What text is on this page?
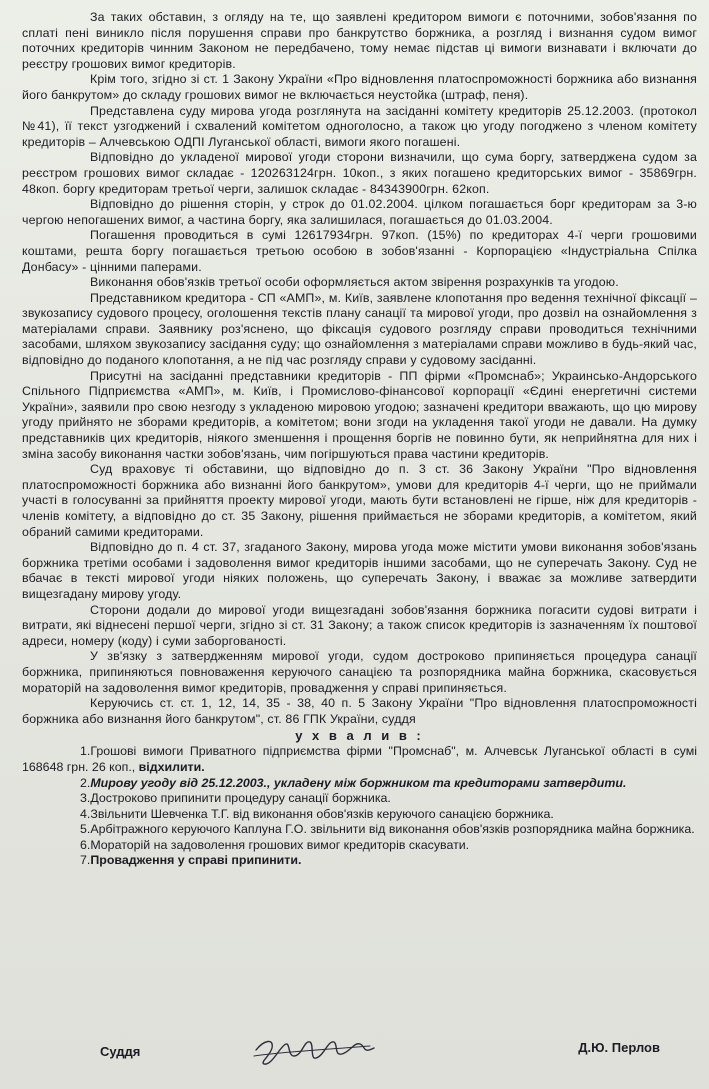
За таких обставин, з огляду на те, що заявлені кредитором вимоги є поточними, зобов'язання по сплаті пені виникло після порушення справи про банкрутство боржника, а розгляд і визнання судом вимог поточних кредиторів чинним Законом не передбачено, тому немає підстав ці вимоги визнавати і включати до реєстру грошових вимог кредиторів.

Крім того, згідно зі ст. 1 Закону України «Про відновлення платоспроможності боржника або визнання його банкрутом» до складу грошових вимог не включається неустойка (штраф, пеня).

Представлена суду мирова угода розглянута на засіданні комітету кредиторів 25.12.2003. (протокол №41), її текст узгоджений і схвалений комітетом одноголосно, а також цю угоду погоджено з членом комітету кредиторів – Алчевською ОДПІ Луганської області, вимоги якого погашені.

Відповідно до укладеної мирової угоди сторони визначили, що сума боргу, затверджена судом за реєстром грошових вимог складає - 120263124грн. 10коп., з яких погашено кредиторських вимог - 35869грн. 48коп. боргу кредиторам третьої черги, залишок складає - 84343900грн. 62коп.

Відповідно до рішення сторін, у строк до 01.02.2004. цілком погашається борг кредиторам за 3-ю чергою непогашених вимог, а частина боргу, яка залишилася, погашається до 01.03.2004.

Погашення проводиться в сумі 12617934грн. 97коп. (15%) по кредиторах 4-ї черги грошовими коштами, решта боргу погашається третьою особою в зобов'язанні - Корпорацією «Індустріальна Спілка Донбасу» - цінними паперами.

Виконання обов'язків третьої особи оформляється актом звірення розрахунків та угодою.

Представником кредитора - СП «АМП», м. Київ, заявлене клопотання про ведення технічної фіксації – звукозапису судового процесу, оголошення текстів плану санації та мирової угоди, про дозвіл на ознайомлення з матеріалами справи. Заявнику роз'яснено, що фіксація судового розгляду справи проводиться технічними засобами, шляхом звукозапису засідання суду; що ознайомлення з матеріалами справи можливо в будь-який час, відповідно до поданого клопотання, а не під час розгляду справи у судовому засіданні.

Присутні на засіданні представники кредиторів - ПП фірми «Промснаб»; Украинсько-Андорського Спільного Підприємства «АМП», м. Київ, і Промислово-фінансової корпорації «Єдині енергетичні системи України», заявили про свою незгоду з укладеною мировою угодою; зазначені кредитори вважають, що цю мирову угоду прийнято не зборами кредиторів, а комітетом; вони згоди на укладення такої угоди не давали. На думку представників цих кредиторів, ніякого зменшення і прощення боргів не повинно бути, як неприйнятна для них і зміна засобу виконання частки зобов'язань, чим погіршуються права частини кредиторів.

Суд враховує ті обставини, що відповідно до п. 3 ст. 36 Закону України "Про відновлення платоспроможності боржника або визнанні його банкрутом», умови для кредиторів 4-ї черги, що не приймали участі в голосуванні за прийняття проекту мирової угоди, мають бути встановлені не гірше, ніж для кредиторів - членів комітету, а відповідно до ст. 35 Закону, рішення приймається не зборами кредиторів, а комітетом, який обраний самими кредиторами.

Відповідно до п. 4 ст. 37, згаданого Закону, мирова угода може містити умови виконання зобов'язань боржника третіми особами і задоволення вимог кредиторів іншими засобами, що не суперечать Закону. Суд не вбачає в тексті мирової угоди ніяких положень, що суперечать Закону, і вважає за можливе затвердити вищезгадану мирову угоду.

Сторони додали до мирової угоди вищезгадані зобов'язання боржника погасити судові витрати і витрати, які віднесені першої черги, згідно зі ст. 31 Закону; а також список кредиторів із зазначенням їх поштової адреси, номеру (коду) і суми заборгованості.

У зв'язку з затвердженням мирової угоди, судом достроково припиняється процедура санації боржника, припиняються повноваження керуючого санацією та розпорядника майна боржника, скасовується мораторій на задоволення вимог кредиторів, провадження у справі припиняється.

Керуючись ст. ст. 1, 12, 14, 35 - 38, 40 п. 5 Закону України "Про відновлення платоспроможності боржника або визнання його банкрутом", ст. 86 ГПК України, суддя

у х в а л и в :

1.Грошові вимоги Приватного підприємства фірми "Промснаб", м. Алчевськ Луганської області в сумі 168648 грн. 26 коп., відхилити.

2.Мирову угоду від 25.12.2003., укладену між боржником та кредиторами затвердити.

3.Достроково припинити процедуру санації боржника.

4.Звільнити Шевченка Т.Г. від виконання обов'язків керуючого санацією боржника.

5.Арбітражного керуючого Каплуна Г.О. звільнити від виконання обов'язків розпорядника майна боржника.

6.Мораторій на задоволення грошових вимог кредиторів скасувати.

7.Провадження у справі припинити.

Суддя	Д.Ю. Перлов
